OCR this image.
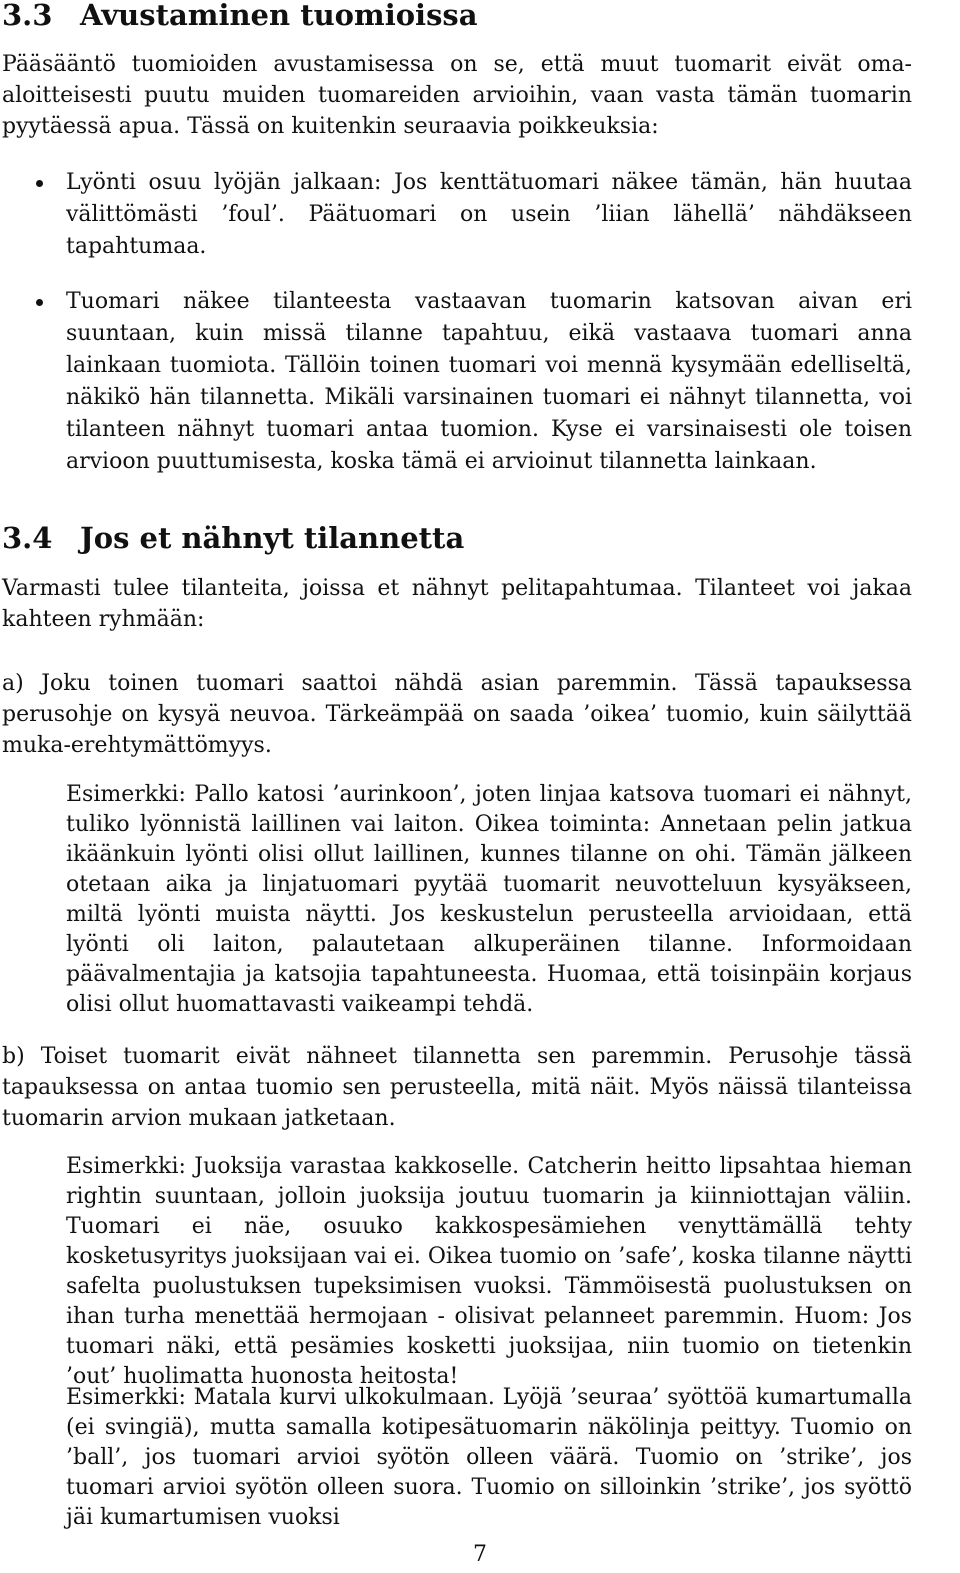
3.3 Avustaminen tuomioissa

Pääsääntö tuomioiden avustamisessa on se, että muut tuomarit eivät oma-aloitteisesti puutu muiden tuomareiden arvioihin, vaan vasta tämän tuomarin pyytäessä apua. Tässä on kuitenkin seuraavia poikkeuksia:

Lyönti osuu lyöjän jalkaan: Jos kenttätuomari näkee tämän, hän huutaa välittömästi ’foul’. Päätuomari on usein ’liian lähellä’ nähdäkseen tapahtumaa.
Tuomari näkee tilanteesta vastaavan tuomarin katsovan aivan eri suuntaan, kuin missä tilanne tapahtuu, eikä vastaava tuomari anna lainkaan tuomiota. Tällöin toinen tuomari voi mennä kysymään edelliseltä, näkikö hän tilannetta. Mikäli varsinainen tuomari ei nähnyt tilannetta, voi tilanteen nähnyt tuomari antaa tuomion. Kyse ei varsinaisesti ole toisen arvioon puuttumisesta, koska tämä ei arvioinut tilannetta lainkaan.
3.4 Jos et nähnyt tilannetta

Varmasti tulee tilanteita, joissa et nähnyt pelitapahtumaa. Tilanteet voi jakaa kahteen ryhmään:

a) Joku toinen tuomari saattoi nähdä asian paremmin. Tässä tapauksessa perusohje on kysyä neuvoa. Tärkeämpää on saada ’oikea’ tuomio, kuin säilyttää muka-erehtymättömyys.

Esimerkki: Pallo katosi ’aurinkoon’, joten linjaa katsova tuomari ei nähnyt, tuliko lyönnistä laillinen vai laiton. Oikea toiminta: Annetaan pelin jatkua ikäänkuin lyönti olisi ollut laillinen, kunnes tilanne on ohi. Tämän jälkeen otetaan aika ja linjatuomari pyytää tuomarit neuvotteluun kysyäkseen, miltä lyönti muista näytti. Jos keskustelun perusteella arvioidaan, että lyönti oli laiton, palautetaan alkuperäinen tilanne. Informoidaan päävalmentajia ja katsojia tapahtuneesta. Huomaa, että toisinpäin korjaus olisi ollut huomattavasti vaikeampi tehdä.

b) Toiset tuomarit eivät nähneet tilannetta sen paremmin. Perusohje tässä tapauksessa on antaa tuomio sen perusteella, mitä näit. Myös näissä tilanteissa tuomarin arvion mukaan jatketaan.

Esimerkki: Juoksija varastaa kakkoselle. Catcherin heitto lipsahtaa hieman rightin suuntaan, jolloin juoksija joutuu tuomarin ja kiinniottajan väliin. Tuomari ei näe, osuuko kakkospesämiehen venyttämällä tehty kosketusyritys juoksijaan vai ei. Oikea tuomio on ’safe’, koska tilanne näytti safelta puolustuksen tupeksimisen vuoksi. Tämmöisestä puolustuksen on ihan turha menettää hermojaan - olisivat pelanneet paremmin. Huom: Jos tuomari näki, että pesämies kosketti juoksijaa, niin tuomio on tietenkin ’out’ huolimatta huonosta heitosta!

Esimerkki: Matala kurvi ulkokulmaan. Lyöjä ’seuraa’ syöttöä kumartumalla (ei svingiä), mutta samalla kotipesätuomarin näkölinja peittyy. Tuomio on ’ball’, jos tuomari arvioi syötön olleen väärä. Tuomio on ’strike’, jos tuomari arvioi syötön olleen suora. Tuomio on silloinkin ’strike’, jos syöttö jäi kumartumisen vuoksi

7
